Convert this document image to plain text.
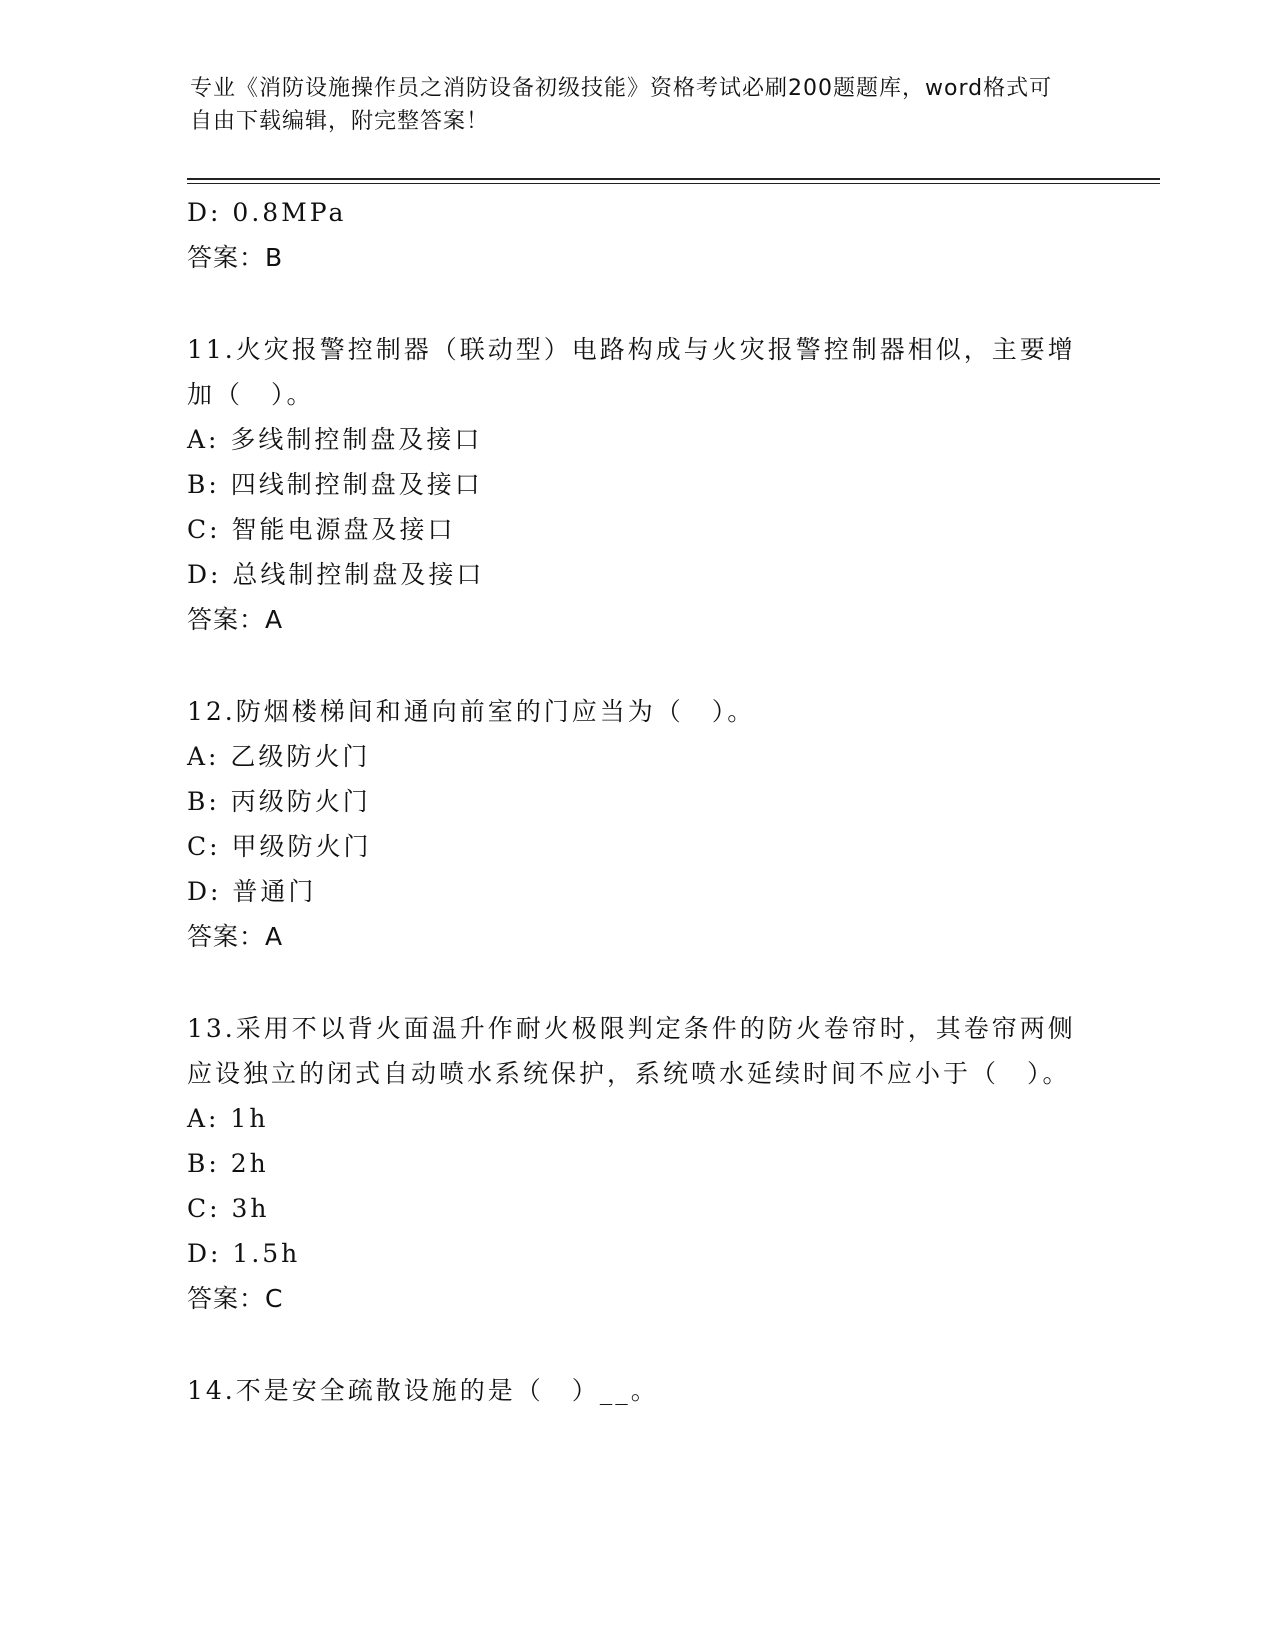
专业《消防设施操作员之消防设备初级技能》资格考试必刷200题题库，word格式可自由下载编辑，附完整答案！
D: 0.8MPa
答案：B
11.火灾报警控制器（联动型）电路构成与火灾报警控制器相似，主要增加（　）。
A: 多线制控制盘及接口
B: 四线制控制盘及接口
C: 智能电源盘及接口
D: 总线制控制盘及接口
答案：A
12.防烟楼梯间和通向前室的门应当为（　）。
A: 乙级防火门
B: 丙级防火门
C: 甲级防火门
D: 普通门
答案：A
13.采用不以背火面温升作耐火极限判定条件的防火卷帘时，其卷帘两侧应设独立的闭式自动喷水系统保护，系统喷水延续时间不应小于（　）。
A: 1h
B: 2h
C: 3h
D: 1.5h
答案：C
14.不是安全疏散设施的是（　）__。
